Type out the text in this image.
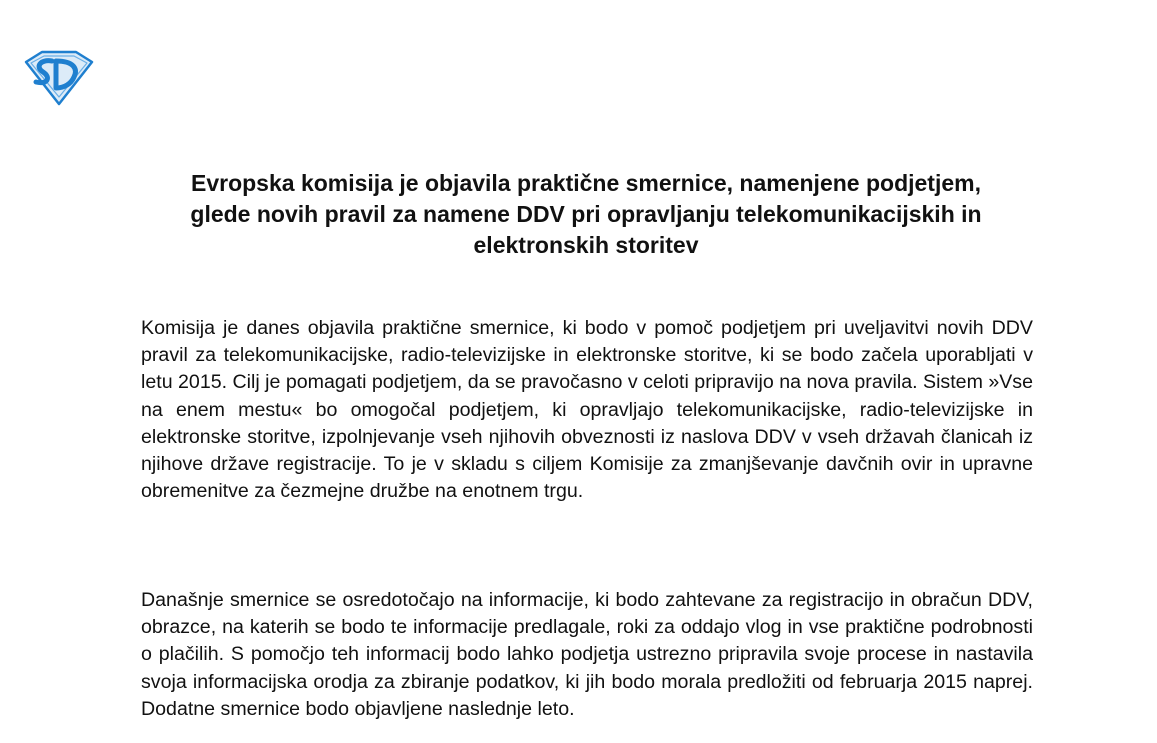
Evropska komisija je objavila praktične smernice, namenjene podjetjem, glede novih pravil za namene DDV pri opravljanju telekomunikacijskih in elektronskih storitev

Komisija je danes objavila praktične smernice, ki bodo v pomoč podjetjem pri uveljavitvi novih DDV pravil za telekomunikacijske, radio-televizijske in elektronske storitve, ki se bodo začela uporabljati v letu 2015. Cilj je pomagati podjetjem, da se pravočasno v celoti pripravijo na nova pravila. Sistem »Vse na enem mestu« bo omogočal podjetjem, ki opravljajo telekomunikacijske, radio-televizijske in elektronske storitve, izpolnjevanje vseh njihovih obveznosti iz naslova DDV v vseh državah članicah iz njihove države registracije. To je v skladu s ciljem Komisije za zmanjševanje davčnih ovir in upravne obremenitve za čezmejne družbe na enotnem trgu.

Današnje smernice se osredotočajo na informacije, ki bodo zahtevane za registracijo in obračun DDV, obrazce, na katerih se bodo te informacije predlagale, roki za oddajo vlog in vse praktične podrobnosti o plačilih. S pomočjo teh informacij bodo lahko podjetja ustrezno pripravila svoje procese in nastavila svoja informacijska orodja za zbiranje podatkov, ki jih bodo morala predložiti od februarja 2015 naprej. Dodatne smernice bodo objavljene naslednje leto.
